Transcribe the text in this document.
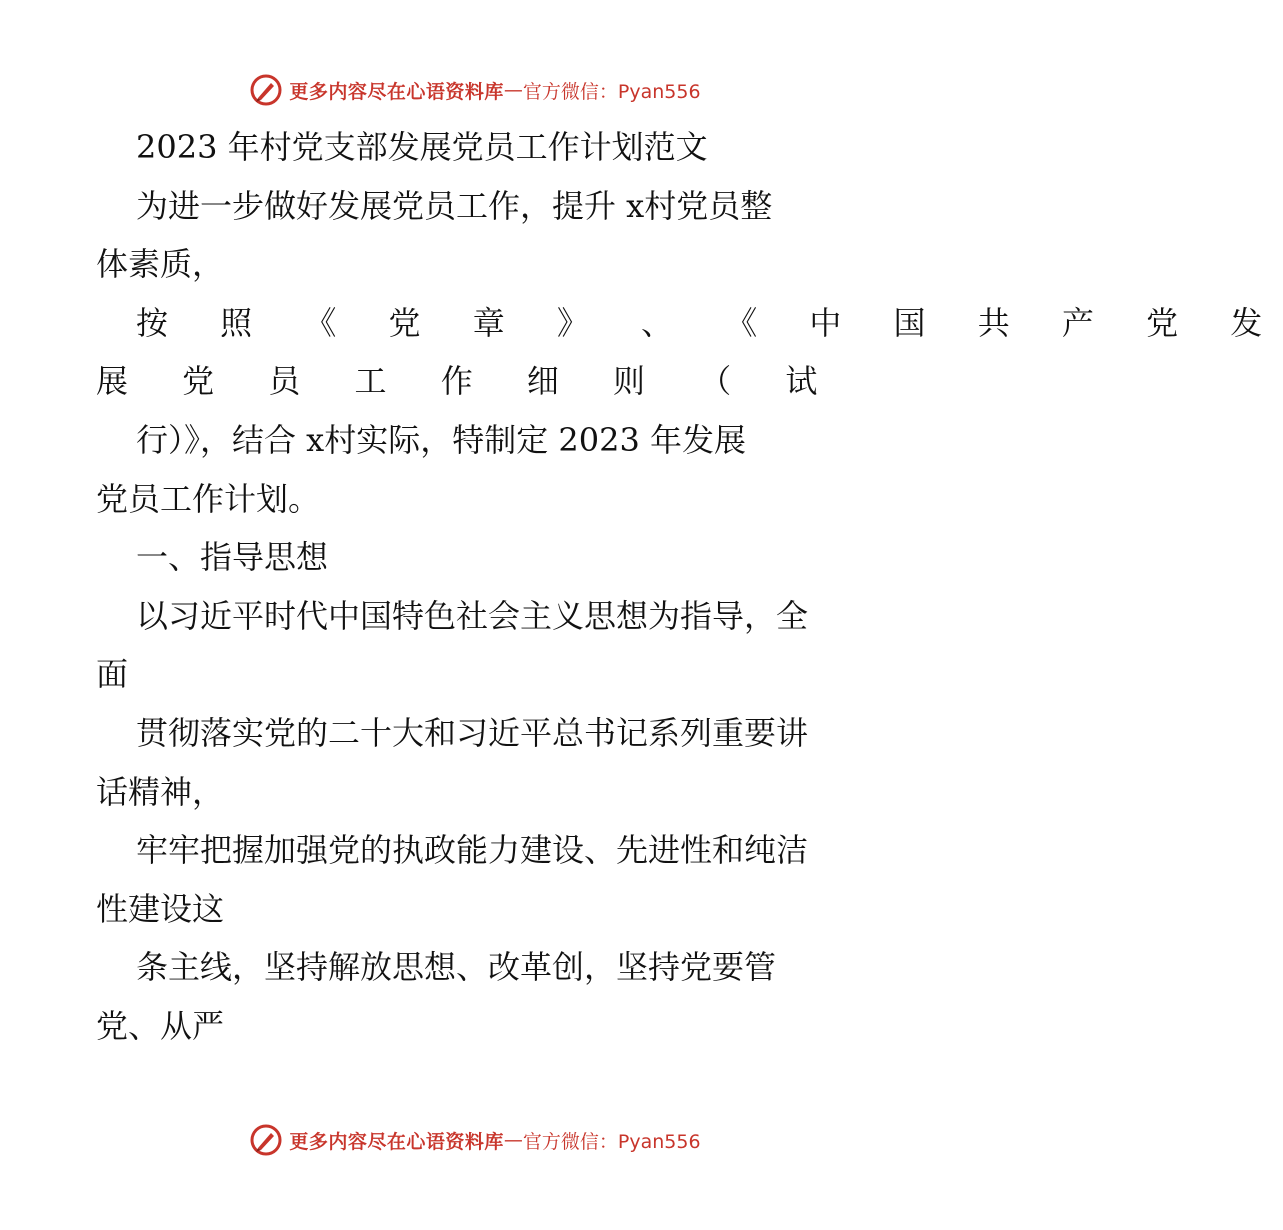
更多内容尽在心语资料库 — 官方微信：Pyan556
2023 年村党支部发展党员工作计划范文
为进一步做好发展党员工作，提升 x村党员整
体素质，
按 照 《 党 章 》 、 《 中 国 共 产 党 发
展 党 员 工 作 细 则 （ 试
行）》，结合 x村实际，特制定 2023 年发展
党员工作计划。
一、指导思想
以习近平时代中国特色社会主义思想为指导，全
面
贯彻落实党的二十大和习近平总书记系列重要讲
话精神，
牢牢把握加强党的执政能力建设、先进性和纯洁
性建设这
条主线，坚持解放思想、改革创，坚持党要管
党、从严
更多内容尽在心语资料库 — 官方微信：Pyan556
